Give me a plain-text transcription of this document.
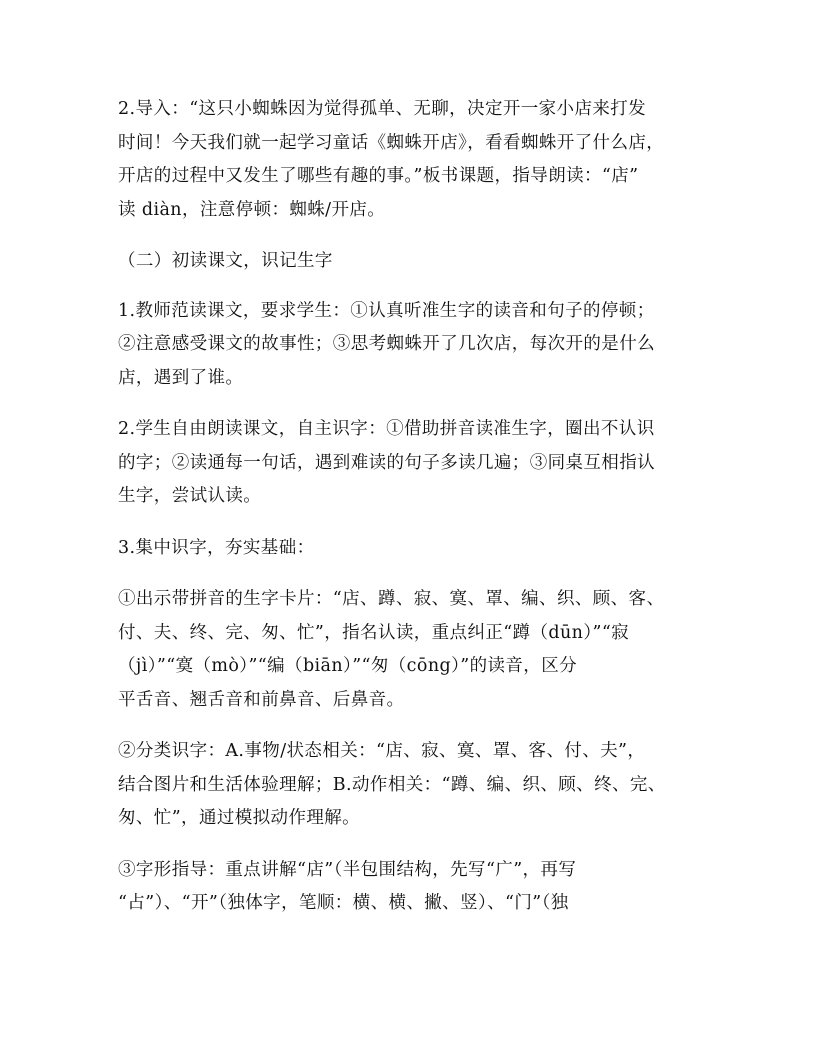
2.导入：“这只小蜘蛛因为觉得孤单、无聊，决定开一家小店来打发
时间！今天我们就一起学习童话《蜘蛛开店》，看看蜘蛛开了什么店，
开店的过程中又发生了哪些有趣的事。”板书课题，指导朗读：“店”
读 diàn，注意停顿：蜘蛛/开店。

（二）初读课文，识记生字

1.教师范读课文，要求学生：①认真听准生字的读音和句子的停顿；
②注意感受课文的故事性；③思考蜘蛛开了几次店，每次开的是什么
店，遇到了谁。

2.学生自由朗读课文，自主识字：①借助拼音读准生字，圈出不认识
的字；②读通每一句话，遇到难读的句子多读几遍；③同桌互相指认
生字，尝试认读。

3.集中识字，夯实基础：

①出示带拼音的生字卡片：“店、蹲、寂、寞、罩、编、织、顾、客、
付、夫、终、完、匆、忙”，指名认读，重点纠正“蹲（dūn）”“寂
（jì）”“寞（mò）”“编（biān）”“匆（cōng）”的读音，区分
平舌音、翘舌音和前鼻音、后鼻音。

②分类识字：A.事物/状态相关：“店、寂、寞、罩、客、付、夫”，
结合图片和生活体验理解；B.动作相关：“蹲、编、织、顾、终、完、
匆、忙”，通过模拟动作理解。

③字形指导：重点讲解“店”（半包围结构，先写“广”，再写
“占”）、“开”（独体字，笔顺：横、横、撇、竖）、“门”（独
